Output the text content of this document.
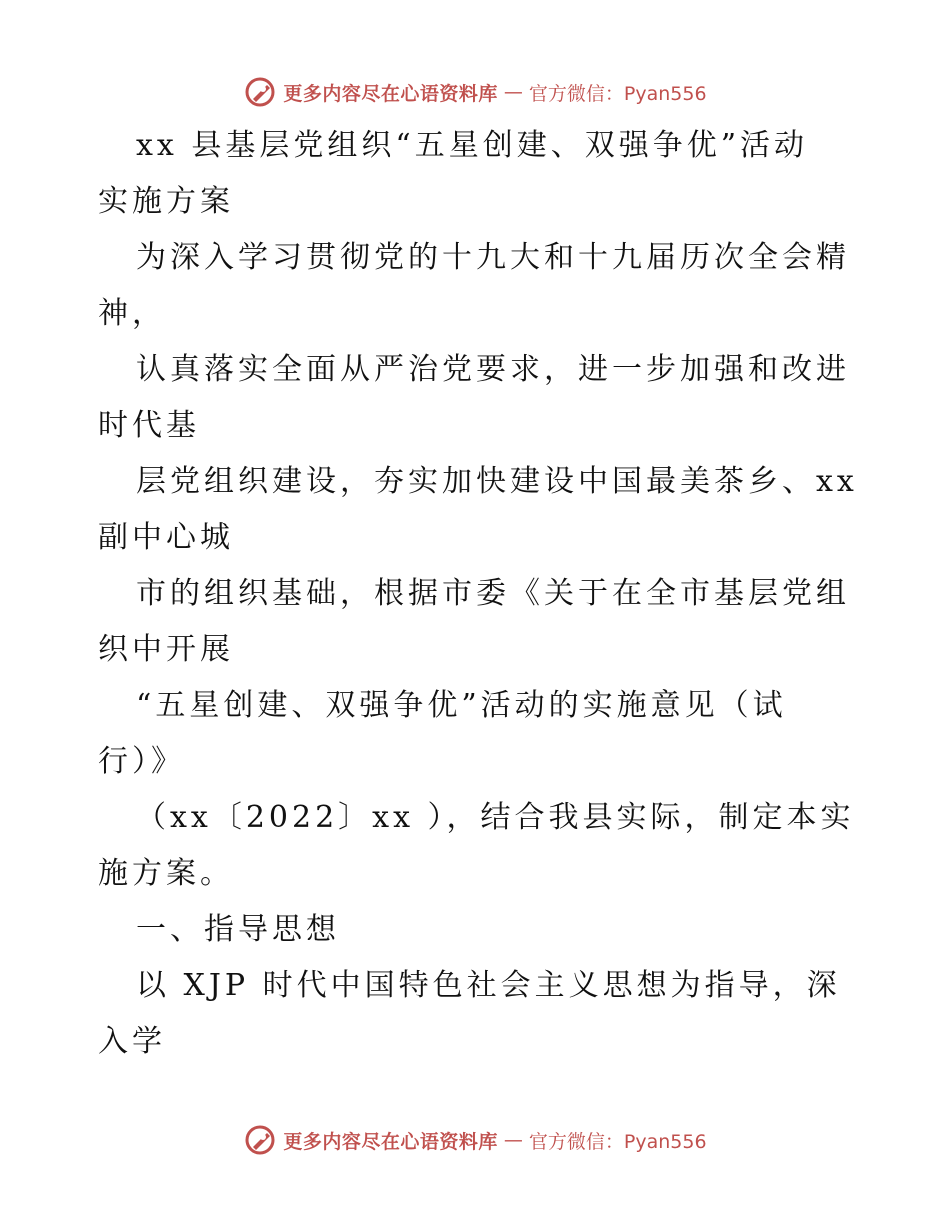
更多内容尽在心语资料库 — 官方微信：Pyan556
xx 县基层党组织“五星创建、双强争优”活动
实施方案
为深入学习贯彻党的十九大和十九届历次全会精
神，
认真落实全面从严治党要求，进一步加强和改进
时代基
层党组织建设，夯实加快建设中国最美茶乡、xx
副中心城
市的组织基础，根据市委《关于在全市基层党组
织中开展
“五星创建、双强争优”活动的实施意见（试
行）》
（xx〔2022〕xx ），结合我县实际，制定本实
施方案。
一、指导思想
以 XJP 时代中国特色社会主义思想为指导，深
入学
更多内容尽在心语资料库 — 官方微信：Pyan556
